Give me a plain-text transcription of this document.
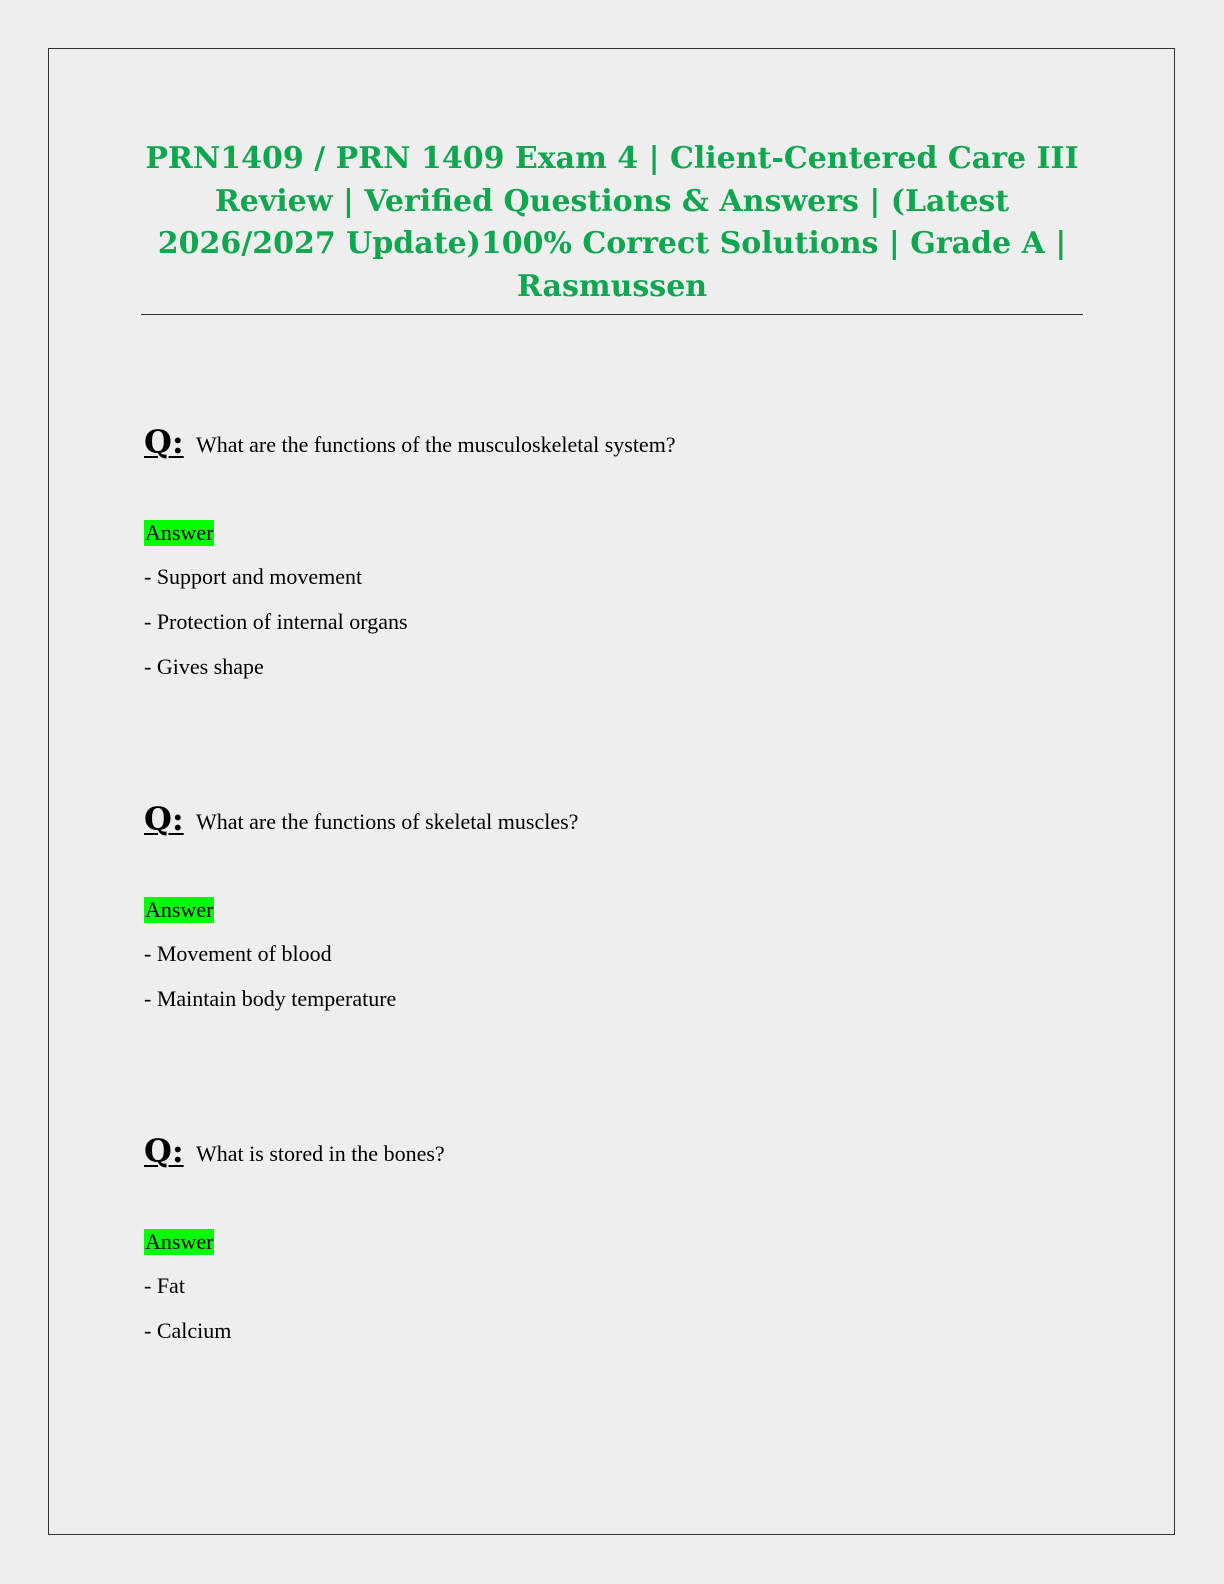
PRN1409 / PRN 1409 Exam 4 | Client-Centered Care III Review | Verified Questions & Answers | (Latest 2026/2027 Update)100% Correct Solutions | Grade A | Rasmussen
Q: What are the functions of the musculoskeletal system?
Answer
- Support and movement
- Protection of internal organs
- Gives shape
Q: What are the functions of skeletal muscles?
Answer
- Movement of blood
- Maintain body temperature
Q: What is stored in the bones?
Answer
- Fat
- Calcium
